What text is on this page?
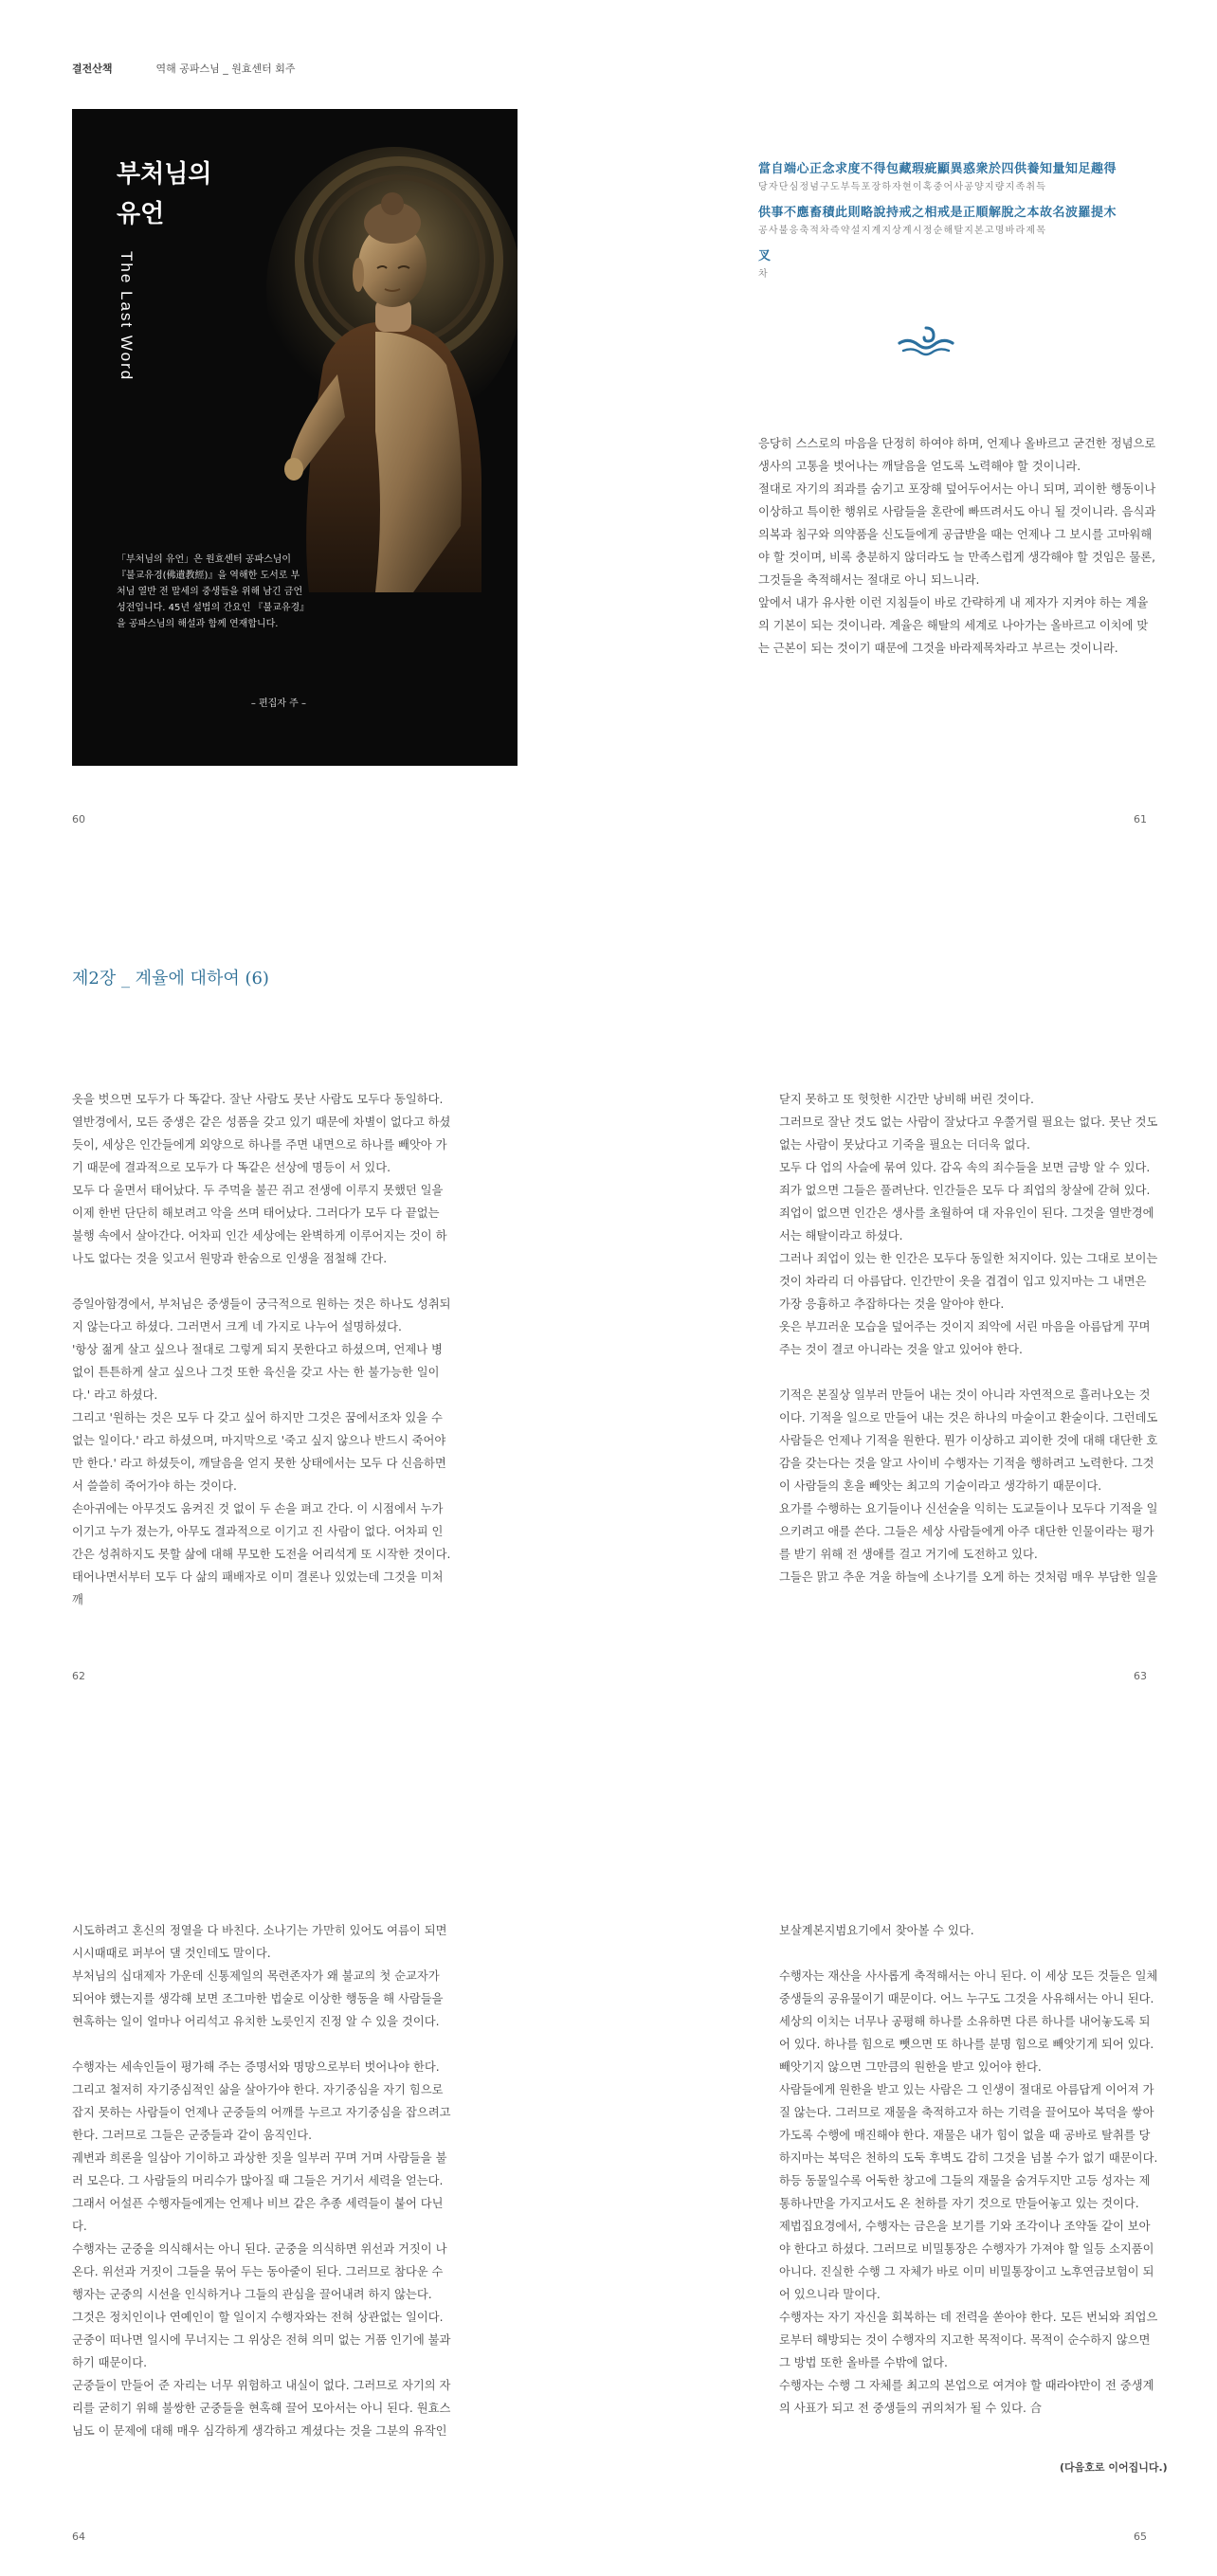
결전산책	역해 공파스님 _ 원효센터 회주
부처님의
유언
The Last Word
「부처님의 유언」은 원효센터 공파스님이 『불교유경(佛遺教經)』을 역해한 도서로 부처님 열반 전 말세의 중생들을 위해 남긴 금언성전입니다. 45년 설법의 간요인 『불교유경』을 공파스님의 해설과 함께 연재합니다.
– 편집자 주 –
當自端心正念求度不得包藏瑕疵顯異惑衆於四供養知量知足趣得
당자단심정념구도부득포장하자현이혹중어사공양지량지족취득
供事不應畜積此則略說持戒之相戒是正順解脫之本故名波羅提木
공사불응축적차즉약설지계지상계시정순해탈지본고명바라제목
叉
차
응당히 스스로의 마음을 단정히 하여야 하며, 언제나 올바르고 굳건한 정념으로 생사의 고통을 벗어나는 깨달음을 얻도록 노력해야 할 것이니라.
절대로 자기의 죄과를 숨기고 포장해 덮어두어서는 아니 되며, 괴이한 행동이나 이상하고 특이한 행위로 사람들을 혼란에 빠뜨려서도 아니 될 것이니라. 음식과 의복과 침구와 의약품을 신도들에게 공급받을 때는 언제나 그 보시를 고마워해야 할 것이며, 비록 충분하지 않더라도 늘 만족스럽게 생각해야 할 것임은 물론, 그것들을 축적해서는 절대로 아니 되느니라.
앞에서 내가 유사한 이런 지침들이 바로 간략하게 내 제자가 지켜야 하는 계율의 기본이 되는 것이니라. 계율은 해탈의 세계로 나아가는 올바르고 이치에 맞는 근본이 되는 것이기 때문에 그것을 바라제목차라고 부르는 것이니라.
60	61
제2장 _ 계율에 대하여 (6)
옷을 벗으면 모두가 다 똑같다. 잘난 사람도 못난 사람도 모두다 동일하다.
열반경에서, 모든 중생은 같은 성품을 갖고 있기 때문에 차별이 없다고 하셨듯이, 세상은 인간들에게 외양으로 하나를 주면 내면으로 하나를 빼앗아 가기 때문에 결과적으로 모두가 다 똑같은 선상에 명등이 서 있다.
모두 다 울면서 태어났다. 두 주먹을 불끈 쥐고 전생에 이루지 못했던 일을 이제 한번 단단히 해보려고 악을 쓰며 태어났다. 그러다가 모두 다 끝없는 불행 속에서 살아간다. 어차피 인간 세상에는 완벽하게 이루어지는 것이 하나도 없다는 것을 잊고서 원망과 한숨으로 인생을 점철해 간다.

증일아함경에서, 부처님은 중생들이 궁극적으로 원하는 것은 하나도 성취되지 않는다고 하셨다. 그러면서 크게 네 가지로 나누어 설명하셨다.
'항상 젊게 살고 싶으나 절대로 그렇게 되지 못한다고 하셨으며, 언제나 병 없이 튼튼하게 살고 싶으나 그것 또한 육신을 갖고 사는 한 불가능한 일이다.' 라고 하셨다.
그리고 '원하는 것은 모두 다 갖고 싶어 하지만 그것은 꿈에서조차 있을 수 없는 일이다.' 라고 하셨으며, 마지막으로 '죽고 싶지 않으나 반드시 죽어야만 한다.' 라고 하셨듯이, 깨달음을 얻지 못한 상태에서는 모두 다 신음하면서 쓸쓸히 죽어가야 하는 것이다.
손아귀에는 아무것도 움켜진 것 없이 두 손을 펴고 간다. 이 시점에서 누가 이기고 누가 졌는가, 아무도 결과적으로 이기고 진 사람이 없다. 어차피 인간은 성취하지도 못할 삶에 대해 무모한 도전을 어리석게 또 시작한 것이다. 태어나면서부터 모두 다 삶의 패배자로 이미 결론나 있었는데 그것을 미처 깨
닫지 못하고 또 헛헛한 시간만 낭비해 버린 것이다.
그러므로 잘난 것도 없는 사람이 잘났다고 우쭐거릴 필요는 없다. 못난 것도 없는 사람이 못났다고 기죽을 필요는 더더욱 없다.
모두 다 업의 사슬에 묶여 있다. 감옥 속의 죄수들을 보면 금방 알 수 있다. 죄가 없으면 그들은 풀려난다. 인간들은 모두 다 죄업의 창살에 갇혀 있다. 죄업이 없으면 인간은 생사를 초월하여 대 자유인이 된다. 그것을 열반경에서는 해탈이라고 하셨다.
그러나 죄업이 있는 한 인간은 모두다 동일한 처지이다. 있는 그대로 보이는 것이 차라리 더 아름답다. 인간만이 옷을 겹겹이 입고 있지마는 그 내면은 가장 응흉하고 추잡하다는 것을 알아야 한다.
옷은 부끄러운 모습을 덮어주는 것이지 죄악에 서린 마음을 아름답게 꾸며주는 것이 결코 아니라는 것을 알고 있어야 한다.

기적은 본질상 일부러 만들어 내는 것이 아니라 자연적으로 흘러나오는 것이다. 기적을 일으로 만들어 내는 것은 하나의 마술이고 환술이다. 그런데도 사람들은 언제나 기적을 원한다. 뭔가 이상하고 괴이한 것에 대해 대단한 호감을 갖는다는 것을 알고 사이비 수행자는 기적을 행하려고 노력한다. 그것이 사람들의 혼을 빼앗는 최고의 기술이라고 생각하기 때문이다.
요가를 수행하는 요기들이나 신선술을 익히는 도교들이나 모두다 기적을 일으키려고 애를 쓴다. 그들은 세상 사람들에게 아주 대단한 인물이라는 평가를 받기 위해 전 생애를 걸고 거기에 도전하고 있다.
그들은 맑고 추운 겨울 하늘에 소나기를 오게 하는 것처럼 매우 부담한 일을
62	63
시도하려고 혼신의 정열을 다 바친다. 소나기는 가만히 있어도 여름이 되면 시시때때로 퍼부어 댈 것인데도 말이다.
부처님의 십대제자 가운데 신통제일의 목련존자가 왜 불교의 첫 순교자가 되어야 했는지를 생각해 보면 조그마한 법술로 이상한 행동을 해 사람들을 현혹하는 일이 얼마나 어리석고 유치한 노릇인지 진정 알 수 있을 것이다.

수행자는 세속인들이 평가해 주는 증명서와 명망으로부터 벗어나야 한다. 그리고 철저히 자기중심적인 삶을 살아가야 한다. 자기중심을 자기 힘으로 잡지 못하는 사람들이 언제나 군중들의 어깨를 누르고 자기중심을 잡으려고 한다. 그러므로 그들은 군중들과 같이 움직인다.
궤변과 희론을 일삼아 기이하고 과상한 짓을 일부러 꾸며 거며 사람들을 불러 모은다. 그 사람들의 머리수가 많아질 때 그들은 거기서 세력을 얻는다. 그래서 어설픈 수행자들에게는 언제나 비브 같은 추종 세력들이 붙어 다닌다.
수행자는 군중을 의식해서는 아니 된다. 군중을 의식하면 위선과 거짓이 나온다. 위선과 거짓이 그들을 묶어 두는 동아줄이 된다. 그러므로 참다운 수행자는 군중의 시선을 인식하거나 그들의 관심을 끌어내려 하지 않는다.
그것은 정치인이나 연예인이 할 일이지 수행자와는 전혀 상관없는 일이다. 군중이 떠나면 일시에 무너지는 그 위상은 전혀 의미 없는 거품 인기에 불과하기 때문이다.
군중들이 만들어 준 자리는 너무 위험하고 내실이 없다. 그러므로 자기의 자리를 굳히기 위해 불쌍한 군중들을 현혹해 끌어 모아서는 아니 된다. 원효스님도 이 문제에 대해 매우 심각하게 생각하고 계셨다는 것을 그분의 유작인
보살계본지범요기에서 찾아볼 수 있다.

수행자는 재산을 사사롭게 축적해서는 아니 된다. 이 세상 모든 것들은 일체 중생들의 공유물이기 때문이다. 어느 누구도 그것을 사유해서는 아니 된다. 세상의 이치는 너무나 공평해 하나를 소유하면 다른 하나를 내어놓도록 되어 있다. 하나를 힘으로 뺏으면 또 하나를 분명 힘으로 빼앗기게 되어 있다. 빼앗기지 않으면 그만큼의 원한을 받고 있어야 한다.
사람들에게 원한을 받고 있는 사람은 그 인생이 절대로 아름답게 이어져 가질 않는다. 그러므로 재물을 축적하고자 하는 기력을 끌어모아 복덕을 쌓아 가도록 수행에 매진해야 한다. 재물은 내가 힘이 없을 때 공바로 탈취를 당하지마는 복덕은 천하의 도둑 후벽도 감히 그것을 넘볼 수가 없기 때문이다. 하등 동물일수록 어둑한 창고에 그들의 재물을 숨겨두지만 고등 성자는 제통하나만을 가지고서도 온 천하를 자기 것으로 만들어놓고 있는 것이다.
제법집요경에서, 수행자는 금은을 보기를 기와 조각이나 조약돌 같이 보아야 한다고 하셨다. 그러므로 비밀통장은 수행자가 가져야 할 일등 소지품이 아니다. 진실한 수행 그 자체가 바로 이미 비밀통장이고 노후연금보험이 되어 있으니라 말이다.
수행자는 자기 자신을 회복하는 데 전력을 쏟아야 한다. 모든 번뇌와 죄업으로부터 해방되는 것이 수행자의 지고한 목적이다. 목적이 순수하지 않으면 그 방법 또한 올바를 수밖에 없다.
수행자는 수행 그 자체를 최고의 본업으로 여겨야 할 때라야만이 전 중생계의 사표가 되고 전 중생들의 귀의처가 될 수 있다. 合
(다음호로 이어집니다.)
64	65
